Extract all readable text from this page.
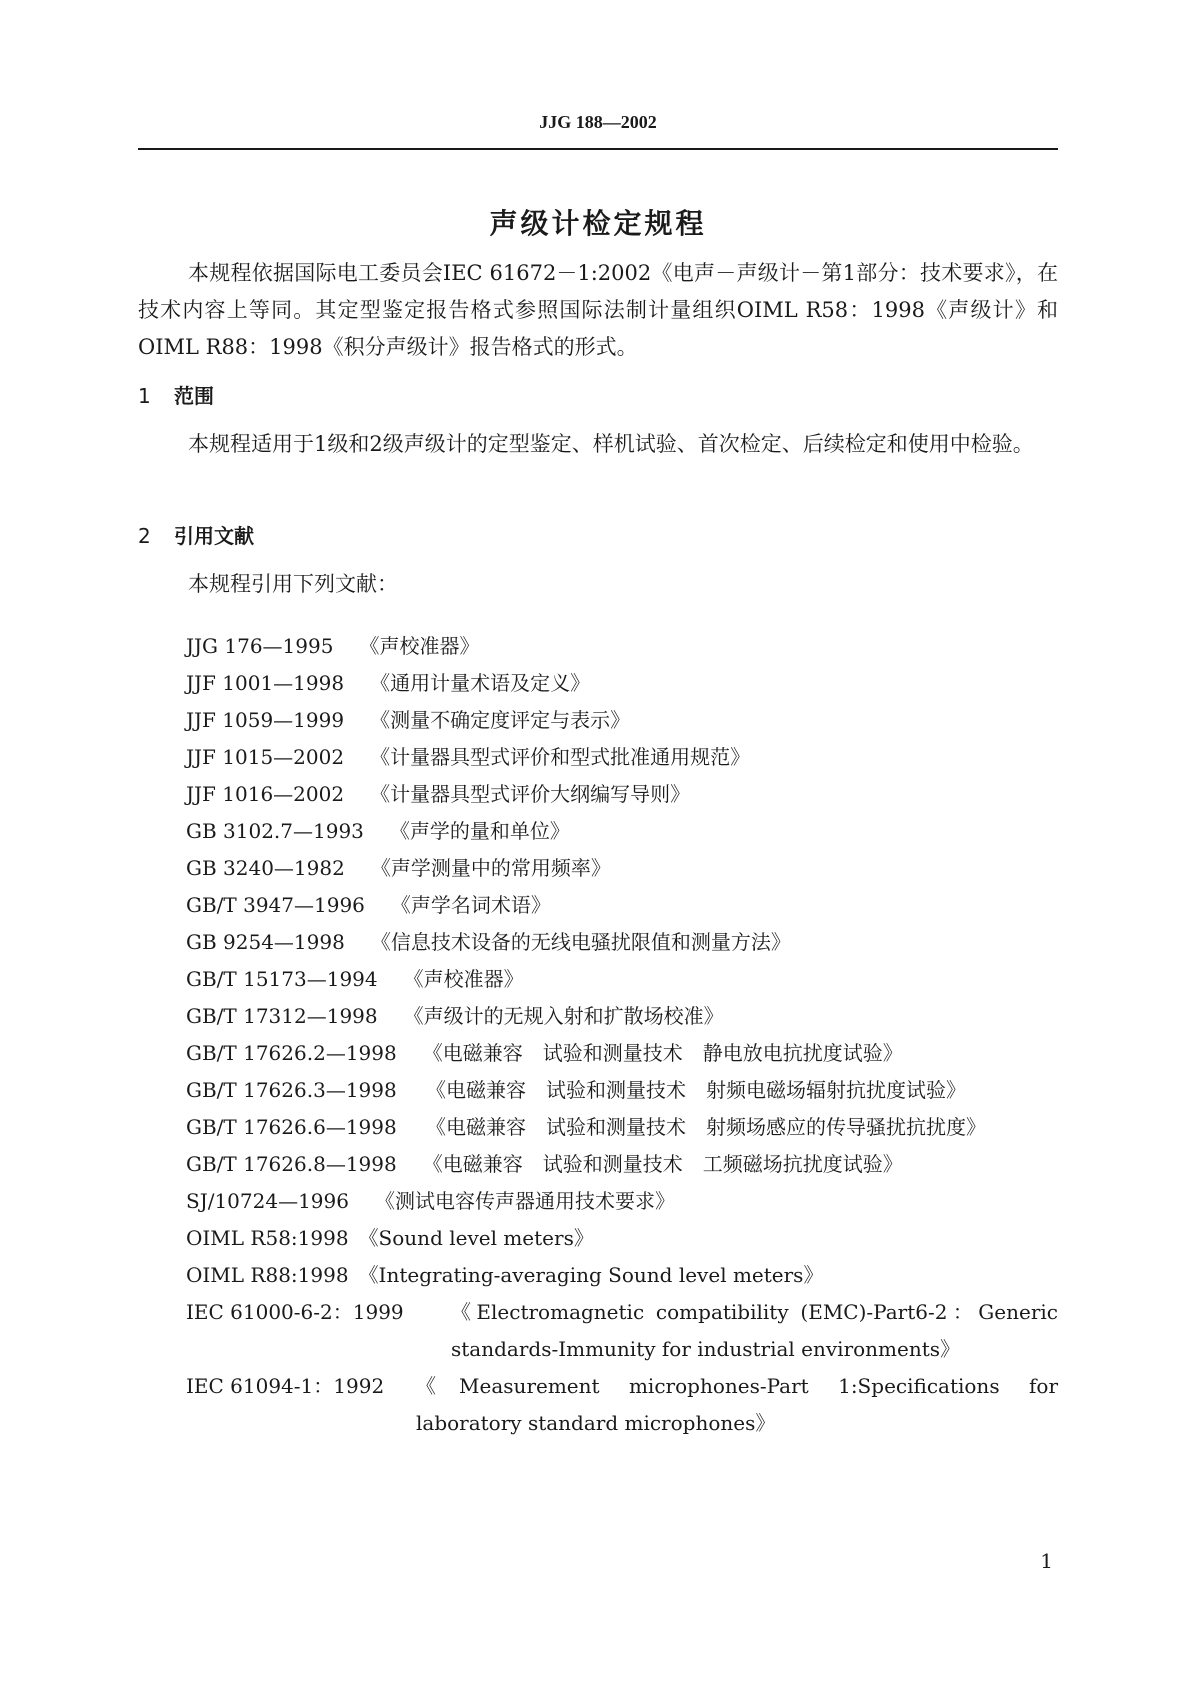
JJG 188—2002
声级计检定规程
本规程依据国际电工委员会IEC 61672－1:2002《电声－声级计－第1部分：技术要求》，在技术内容上等同。其定型鉴定报告格式参照国际法制计量组织OIML R58：1998《声级计》和OIML R88：1998《积分声级计》报告格式的形式。
1 范围
本规程适用于1级和2级声级计的定型鉴定、样机试验、首次检定、后续检定和使用中检验。
2 引用文献
本规程引用下列文献：
JJG 176—1995 《声校准器》
JJF 1001—1998 《通用计量术语及定义》
JJF 1059—1999 《测量不确定度评定与表示》
JJF 1015—2002 《计量器具型式评价和型式批准通用规范》
JJF 1016—2002 《计量器具型式评价大纲编写导则》
GB 3102.7—1993 《声学的量和单位》
GB 3240—1982 《声学测量中的常用频率》
GB/T 3947—1996 《声学名词术语》
GB 9254—1998 《信息技术设备的无线电骚扰限值和测量方法》
GB/T 15173—1994 《声校准器》
GB/T 17312—1998 《声级计的无规入射和扩散场校准》
GB/T 17626.2—1998 《电磁兼容　试验和测量技术　静电放电抗扰度试验》
GB/T 17626.3—1998	《电磁兼容　试验和测量技术　射频电磁场辐射抗扰度试验》
GB/T 17626.6—1998	《电磁兼容　试验和测量技术　射频场感应的传导骚扰抗扰度》
GB/T 17626.8—1998 《电磁兼容　试验和测量技术　工频磁场抗扰度试验》
SJ/10724—1996 《测试电容传声器通用技术要求》
OIML R58:1998 《Sound level meters》
OIML R88:1998 《Integrating-averaging Sound level meters》
IEC 61000-6-2：1999	《Electromagnetic compatibility (EMC)-Part6-2：Generic standards-Immunity for industrial environments》
IEC 61094-1：1992	《Measurement microphones-Part 1:Specifications for laboratory standard microphones》
1
